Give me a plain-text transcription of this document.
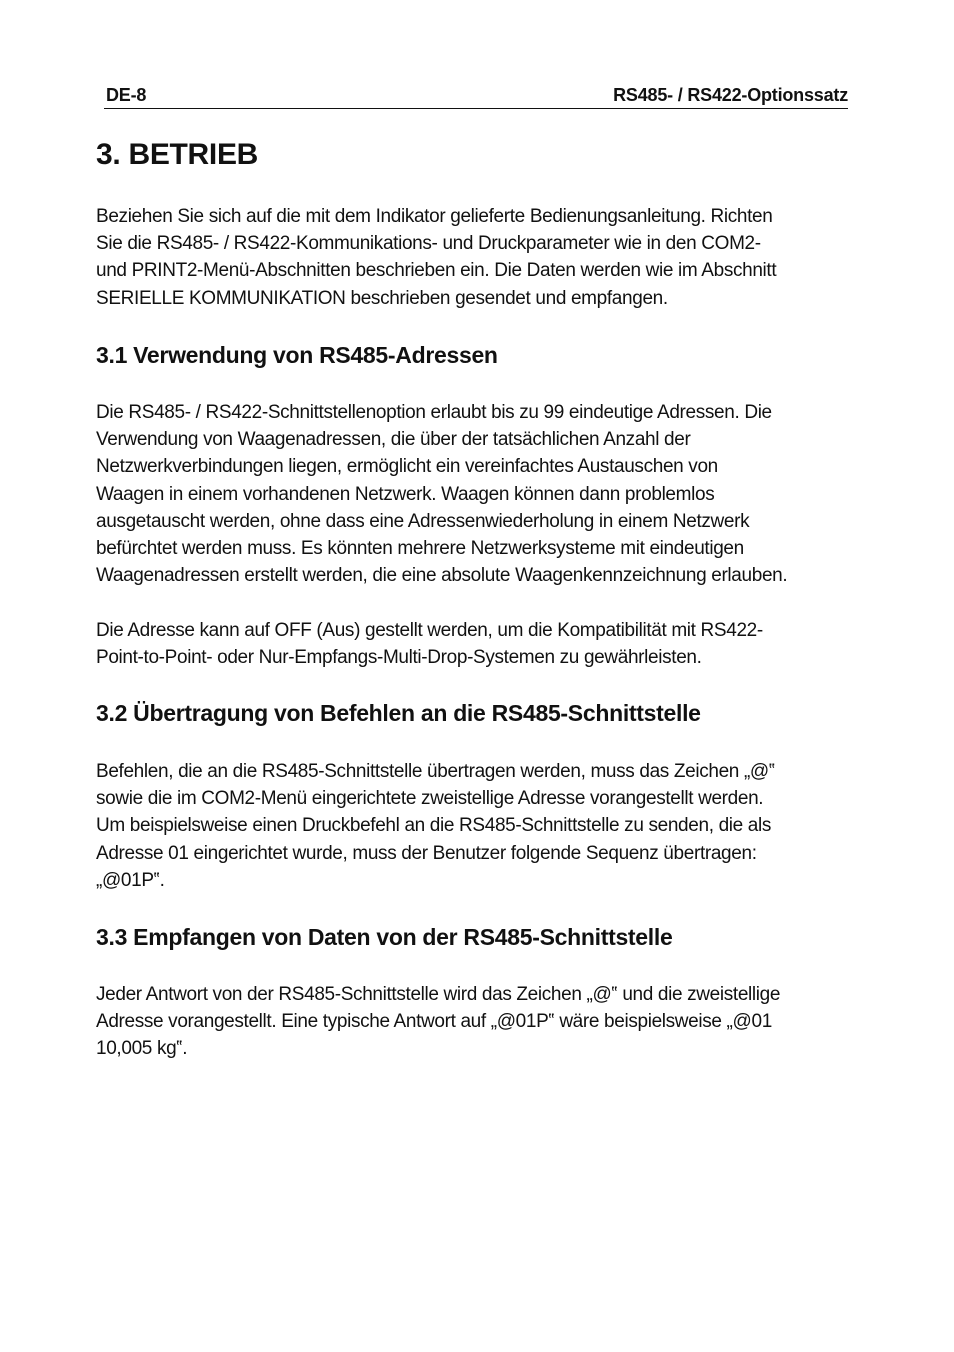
DE-8	RS485- / RS422-Optionssatz
3. BETRIEB

Beziehen Sie sich auf die mit dem Indikator gelieferte Bedienungsanleitung. Richten
Sie die RS485- / RS422-Kommunikations- und Druckparameter wie in den COM2-
und PRINT2-Menü-Abschnitten beschrieben ein. Die Daten werden wie im Abschnitt
SERIELLE KOMMUNIKATION beschrieben gesendet und empfangen.

3.1 Verwendung von RS485-Adressen

Die RS485- / RS422-Schnittstellenoption erlaubt bis zu 99 eindeutige Adressen. Die
Verwendung von Waagenadressen, die über der tatsächlichen Anzahl der
Netzwerkverbindungen liegen, ermöglicht ein vereinfachtes Austauschen von
Waagen in einem vorhandenen Netzwerk. Waagen können dann problemlos
ausgetauscht werden, ohne dass eine Adressenwiederholung in einem Netzwerk
befürchtet werden muss. Es könnten mehrere Netzwerksysteme mit eindeutigen
Waagenadressen erstellt werden, die eine absolute Waagenkennzeichnung erlauben.

Die Adresse kann auf OFF (Aus) gestellt werden, um die Kompatibilität mit RS422-
Point-to-Point- oder Nur-Empfangs-Multi-Drop-Systemen zu gewährleisten.

3.2 Übertragung von Befehlen an die RS485-Schnittstelle

Befehlen, die an die RS485-Schnittstelle übertragen werden, muss das Zeichen „@‟
sowie die im COM2-Menü eingerichtete zweistellige Adresse vorangestellt werden.
Um beispielsweise einen Druckbefehl an die RS485-Schnittstelle zu senden, die als
Adresse 01 eingerichtet wurde, muss der Benutzer folgende Sequenz übertragen:
„@01P‟.

3.3 Empfangen von Daten von der RS485-Schnittstelle

Jeder Antwort von der RS485-Schnittstelle wird das Zeichen „@‟ und die zweistellige
Adresse vorangestellt. Eine typische Antwort auf „@01P‟ wäre beispielsweise „@01
10,005 kg‟.
